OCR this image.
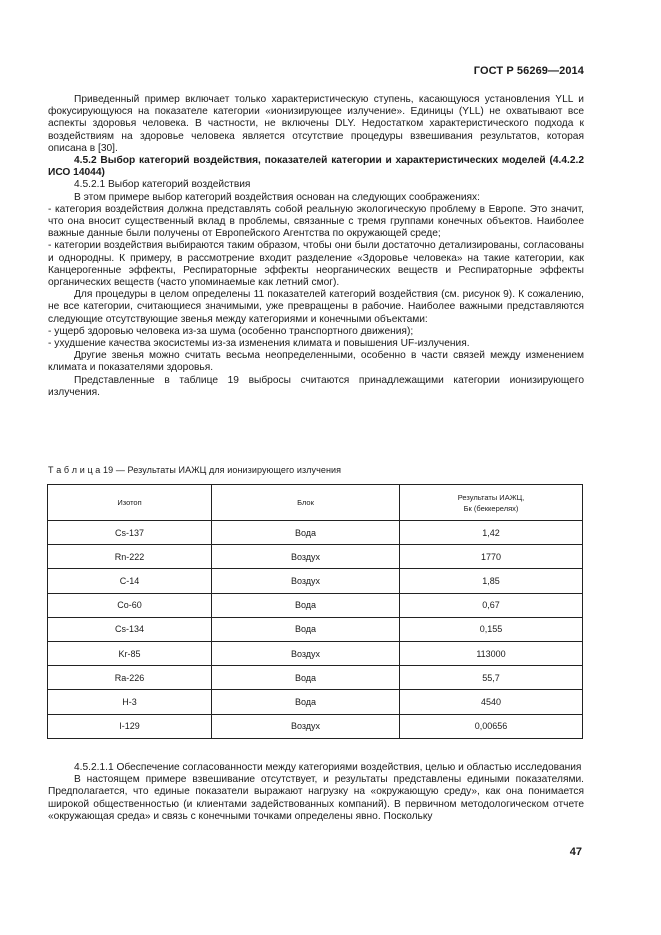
ГОСТ Р 56269—2014

Приведенный пример включает только характеристическую ступень, касающуюся установления YLL и фокусирующуюся на показателе категории «ионизирующее излучение». Единицы (YLL) не охватывают все аспекты здоровья человека. В частности, не включены DLY. Недостатком характеристического подхода к воздействиям на здоровье человека является отсутствие процедуры взвешивания результатов, которая описана в [30].

4.5.2 Выбор категорий воздействия, показателей категории и характеристических моделей (4.4.2.2 ИСО 14044)

4.5.2.1 Выбор категорий воздействия

В этом примере выбор категорий воздействия основан на следующих соображениях:

- категория воздействия должна представлять собой реальную экологическую проблему в Европе. Это значит, что она вносит существенный вклад в проблемы, связанные с тремя группами конечных объектов. Наиболее важные данные были получены от Европейского Агентства по окружающей среде;

- категории воздействия выбираются таким образом, чтобы они были достаточно детализированы, согласованы и однородны. К примеру, в рассмотрение входит разделение «Здоровье человека» на такие категории, как Канцерогенные эффекты, Респираторные эффекты неорганических веществ и Респираторные эффекты органических веществ (часто упоминаемые как летний смог).

Для процедуры в целом определены 11 показателей категорий воздействия (см. рисунок 9). К сожалению, не все категории, считающиеся значимыми, уже превращены в рабочие. Наиболее важными представляются следующие отсутствующие звенья между категориями и конечными объектами:

- ущерб здоровью человека из-за шума (особенно транспортного движения);

- ухудшение качества экосистемы из-за изменения климата и повышения UF-излучения.

Другие звенья можно считать весьма неопределенными, особенно в части связей между изменением климата и показателями здоровья.

Представленные в таблице 19 выбросы считаются принадлежащими категории ионизирующего излучения.

Т а б л и ц а 19 — Результаты ИАЖЦ для ионизирующего излучения
Изотоп	Блок	Результаты ИАЖЦ,
Бк (беккерелях)
Cs-137	Вода	1,42
Rn-222	Воздух	1770
C-14	Воздух	1,85
Co-60	Вода	0,67
Cs-134	Вода	0,155
Kr-85	Воздух	113000
Ra-226	Вода	55,7
H-3	Вода	4540
I-129	Воздух	0,00656

4.5.2.1.1 Обеспечение согласованности между категориями воздействия, целью и областью исследования

В настоящем примере взвешивание отсутствует, и результаты представлены едиными показателями. Предполагается, что единые показатели выражают нагрузку на «окружающую среду», как она понимается широкой общественностью (и клиентами задействованных компаний). В первичном методологическом отчете «окружающая среда» и связь с конечными точками определены явно. Поскольку

47
